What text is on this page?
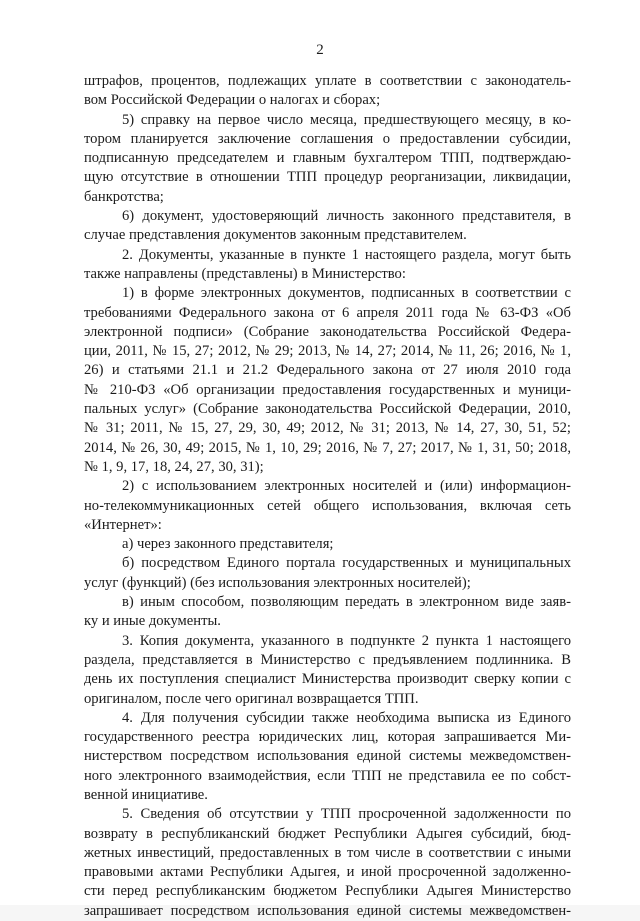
2
штрафов, процентов, подлежащих уплате в соответствии с законодатель-
вом Российской Федерации о налогах и сборах;
5) справку на первое число месяца, предшествующего месяцу, в ко-
тором планируется заключение соглашения о предоставлении субсидии,
подписанную председателем и главным бухгалтером ТПП, подтверждаю-
щую отсутствие в отношении ТПП процедур реорганизации, ликвидации,
банкротства;
6) документ, удостоверяющий личность законного представителя, в
случае представления документов законным представителем.
2. Документы, указанные в пункте 1 настоящего раздела, могут быть
также направлены (представлены) в Министерство:
1) в форме электронных документов, подписанных в соответствии с
требованиями Федерального закона от 6 апреля 2011 года № 63-ФЗ «Об
электронной подписи» (Собрание законодательства Российской Федера-
ции, 2011, № 15, 27; 2012, № 29; 2013, № 14, 27; 2014, № 11, 26; 2016, № 1,
26) и статьями 21.1 и 21.2 Федерального закона от 27 июля 2010 года
№ 210-ФЗ «Об организации предоставления государственных и муници-
пальных услуг» (Собрание законодательства Российской Федерации, 2010,
№ 31; 2011, № 15, 27, 29, 30, 49; 2012, № 31; 2013, № 14, 27, 30, 51, 52;
2014, № 26, 30, 49; 2015, № 1, 10, 29; 2016, № 7, 27; 2017, № 1, 31, 50; 2018,
№ 1, 9, 17, 18, 24, 27, 30, 31);
2) с использованием электронных носителей и (или) информацион-
но-телекоммуникационных сетей общего использования, включая сеть
«Интернет»:
а) через законного представителя;
б) посредством Единого портала государственных и муниципальных
услуг (функций) (без использования электронных носителей);
в) иным способом, позволяющим передать в электронном виде заяв-
ку и иные документы.
3. Копия документа, указанного в подпункте 2 пункта 1 настоящего
раздела, представляется в Министерство с предъявлением подлинника. В
день их поступления специалист Министерства производит сверку копии с
оригиналом, после чего оригинал возвращается ТПП.
4. Для получения субсидии также необходима выписка из Единого
государственного реестра юридических лиц, которая запрашивается Ми-
нистерством посредством использования единой системы межведомствен-
ного электронного взаимодействия, если ТПП не представила ее по собст-
венной инициативе.
5. Сведения об отсутствии у ТПП просроченной задолженности по
возврату в республиканский бюджет Республики Адыгея субсидий, бюд-
жетных инвестиций, предоставленных в том числе в соответствии с иными
правовыми актами Республики Адыгея, и иной просроченной задолженно-
сти перед республиканским бюджетом Республики Адыгея Министерство
запрашивает посредством использования единой системы межведомствен-
